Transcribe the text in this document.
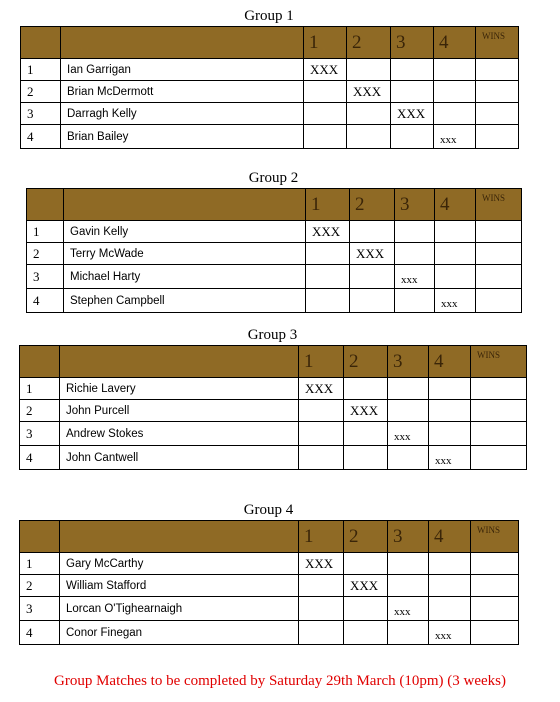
Group 1
		1	2	3	4	WINS
1	Ian Garrigan	XXX				
2	Brian McDermott		XXX			
3	Darragh Kelly			XXX		
4	Brian Bailey				xxx	
Group 2
		1	2	3	4	WINS
1	Gavin Kelly	XXX				
2	Terry McWade		XXX			
3	Michael Harty			xxx		
4	Stephen Campbell				xxx	
Group 3
		1	2	3	4	WINS
1	Richie Lavery	XXX				
2	John Purcell		XXX			
3	Andrew Stokes			xxx		
4	John Cantwell				xxx	
Group 4
		1	2	3	4	WINS
1	Gary McCarthy	XXX				
2	William Stafford		XXX			
3	Lorcan O'Tighearnaigh			xxx		
4	Conor Finegan				xxx	
Group Matches to be completed by Saturday 29th March (10pm) (3 weeks)
